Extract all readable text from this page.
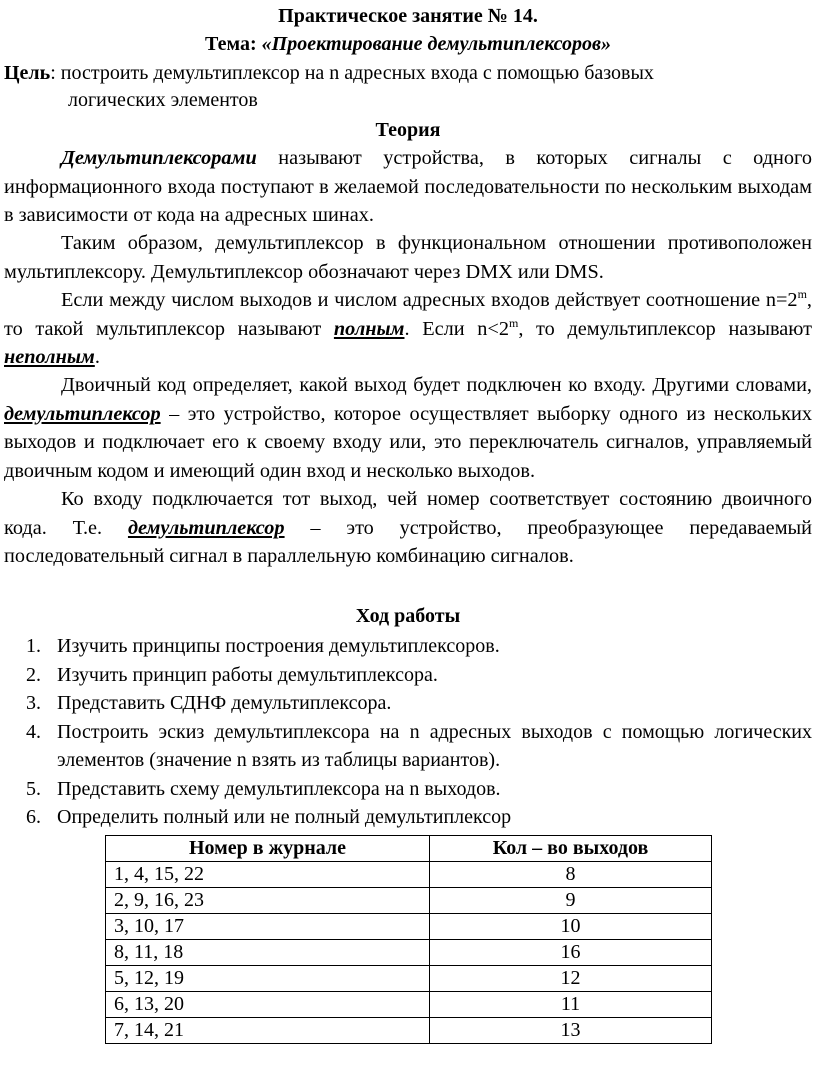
Практическое занятие № 14.
Тема: «Проектирование демультиплексоров»
Цель: построить демультиплексор на n адресных входа с помощью базовых
логических элементов
Теория
Демультиплексорами называют устройства, в которых сигналы с одного информационного входа поступают в желаемой последовательности по нескольким выходам в зависимости от кода на адресных шинах.
Таким образом, демультиплексор в функциональном отношении противоположен мультиплексору. Демультиплексор обозначают через DMX или DMS.
Если между числом выходов и числом адресных входов действует соотношение $n=2^m$, то такой мультиплексор называют полным. Если $n<2^m$, то демультиплексор называют неполным.
Двоичный код определяет, какой выход будет подключен ко входу. Другими словами, демультиплексор – это устройство, которое осуществляет выборку одного из нескольких выходов и подключает его к своему входу или, это переключатель сигналов, управляемый двоичным кодом и имеющий один вход и несколько выходов.
Ко входу подключается тот выход, чей номер соответствует состоянию двоичного кода. Т.е. демультиплексор – это устройство, преобразующее передаваемый последовательный сигнал в параллельную комбинацию сигналов.
Ход работы
1. Изучить принципы построения демультиплексоров.
2. Изучить принцип работы демультиплексора.
3. Представить СДНФ демультиплексора.
4. Построить эскиз демультиплексора на n адресных выходов с помощью логических элементов (значение n взять из таблицы вариантов).
5. Представить схему демультиплексора на n выходов.
6. Определить полный или не полный демультиплексор
Номер в журнале	Кол – во выходов
1, 4, 15, 22	8
2, 9, 16, 23	9
3, 10, 17	10
8, 11, 18	16
5, 12, 19	12
6, 13, 20	11
7, 14, 21	13
